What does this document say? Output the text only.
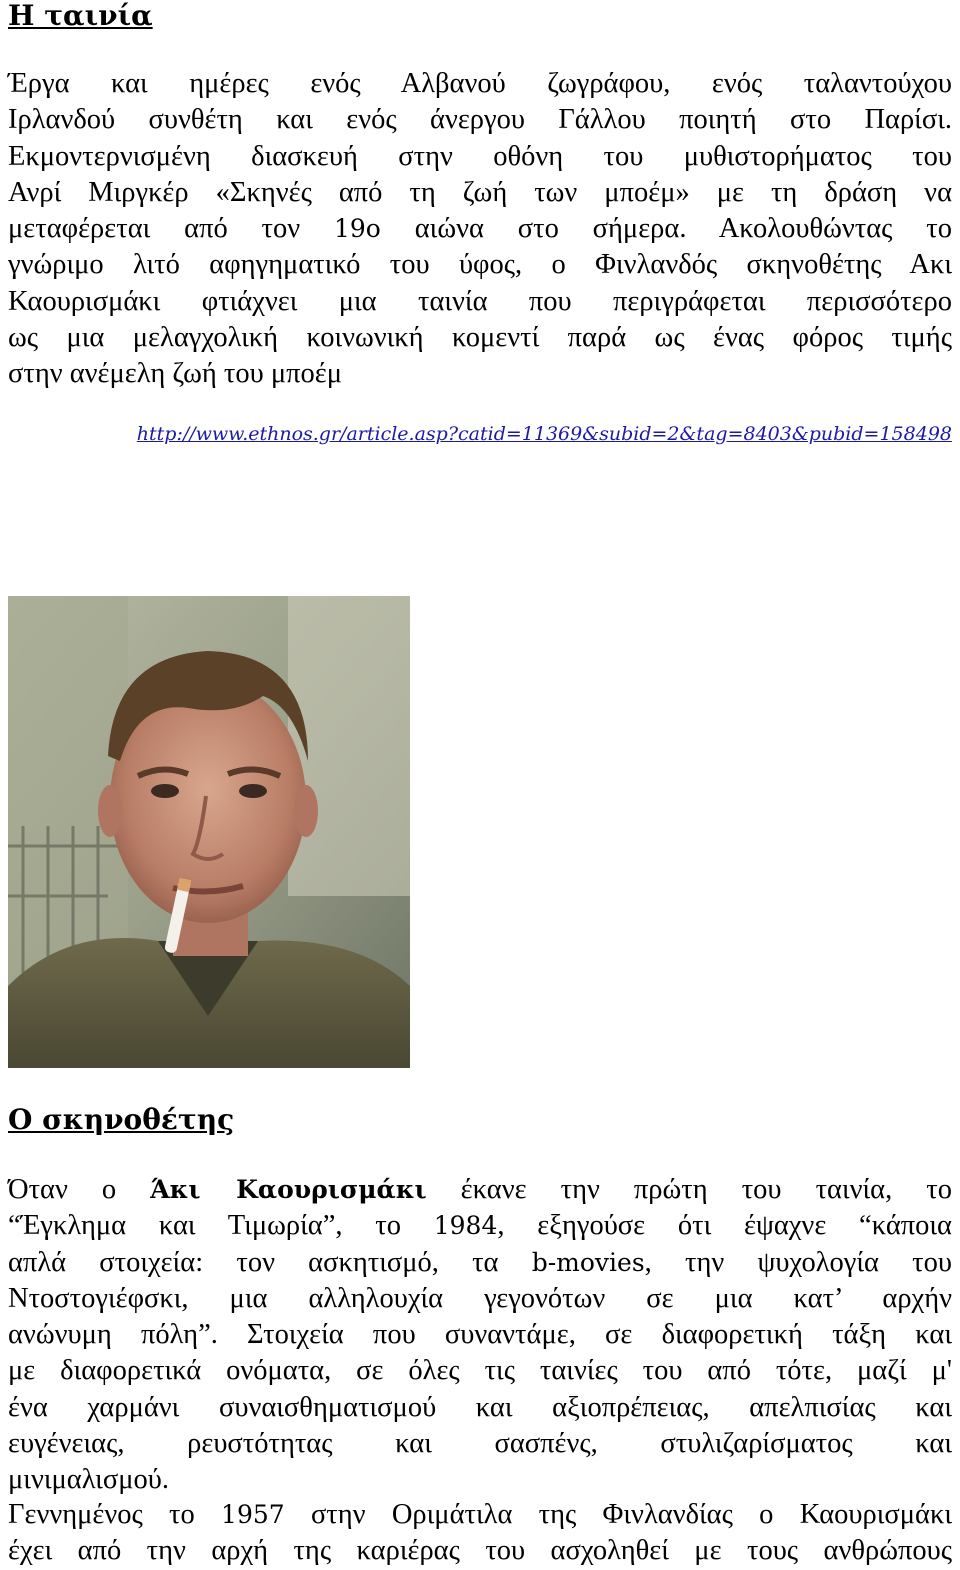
Η ταινία

Έργα και ημέρες ενός Αλβανού ζωγράφου, ενός ταλαντούχου
Ιρλανδού συνθέτη και ενός άνεργου Γάλλου ποιητή στο Παρίσι.
Εκμοντερνισμένη διασκευή στην οθόνη του μυθιστορήματος του
Ανρί Μιργκέρ «Σκηνές από τη ζωή των μποέμ» με τη δράση να
μεταφέρεται από τον 19ο αιώνα στο σήμερα. Ακολουθώντας το
γνώριμο λιτό αφηγηματικό του ύφος, ο Φινλανδός σκηνοθέτης Ακι
Καουρισμάκι φτιάχνει μια ταινία που περιγράφεται περισσότερο
ως μια μελαγχολική κοινωνική κομεντί παρά ως ένας φόρος τιμής
στην ανέμελη ζωή του μποέμ

http://www.ethnos.gr/article.asp?catid=11369&subid=2&tag=8403&pubid=158498
Ο σκηνοθέτης

Όταν ο Άκι Καουρισμάκι έκανε την πρώτη του ταινία, το
“Έγκλημα και Τιμωρία”, το 1984, εξηγούσε ότι έψαχνε “κάποια
απλά στοιχεία: τον ασκητισμό, τα b-movies, την ψυχολογία του
Ντοστογιέφσκι, μια αλληλουχία γεγονότων σε μια κατ’ αρχήν
ανώνυμη πόλη”. Στοιχεία που συναντάμε, σε διαφορετική τάξη και
με διαφορετικά ονόματα, σε όλες τις ταινίες του από τότε, μαζί μ'
ένα χαρμάνι συναισθηματισμού και αξιοπρέπειας, απελπισίας και
ευγένειας, ρευστότητας και σασπένς, στυλιζαρίσματος και
μινιμαλισμού.

Γεννημένος το 1957 στην Οριμάτιλα της Φινλανδίας ο Καουρισμάκι
έχει από την αρχή της καριέρας του ασχοληθεί με τους ανθρώπους
